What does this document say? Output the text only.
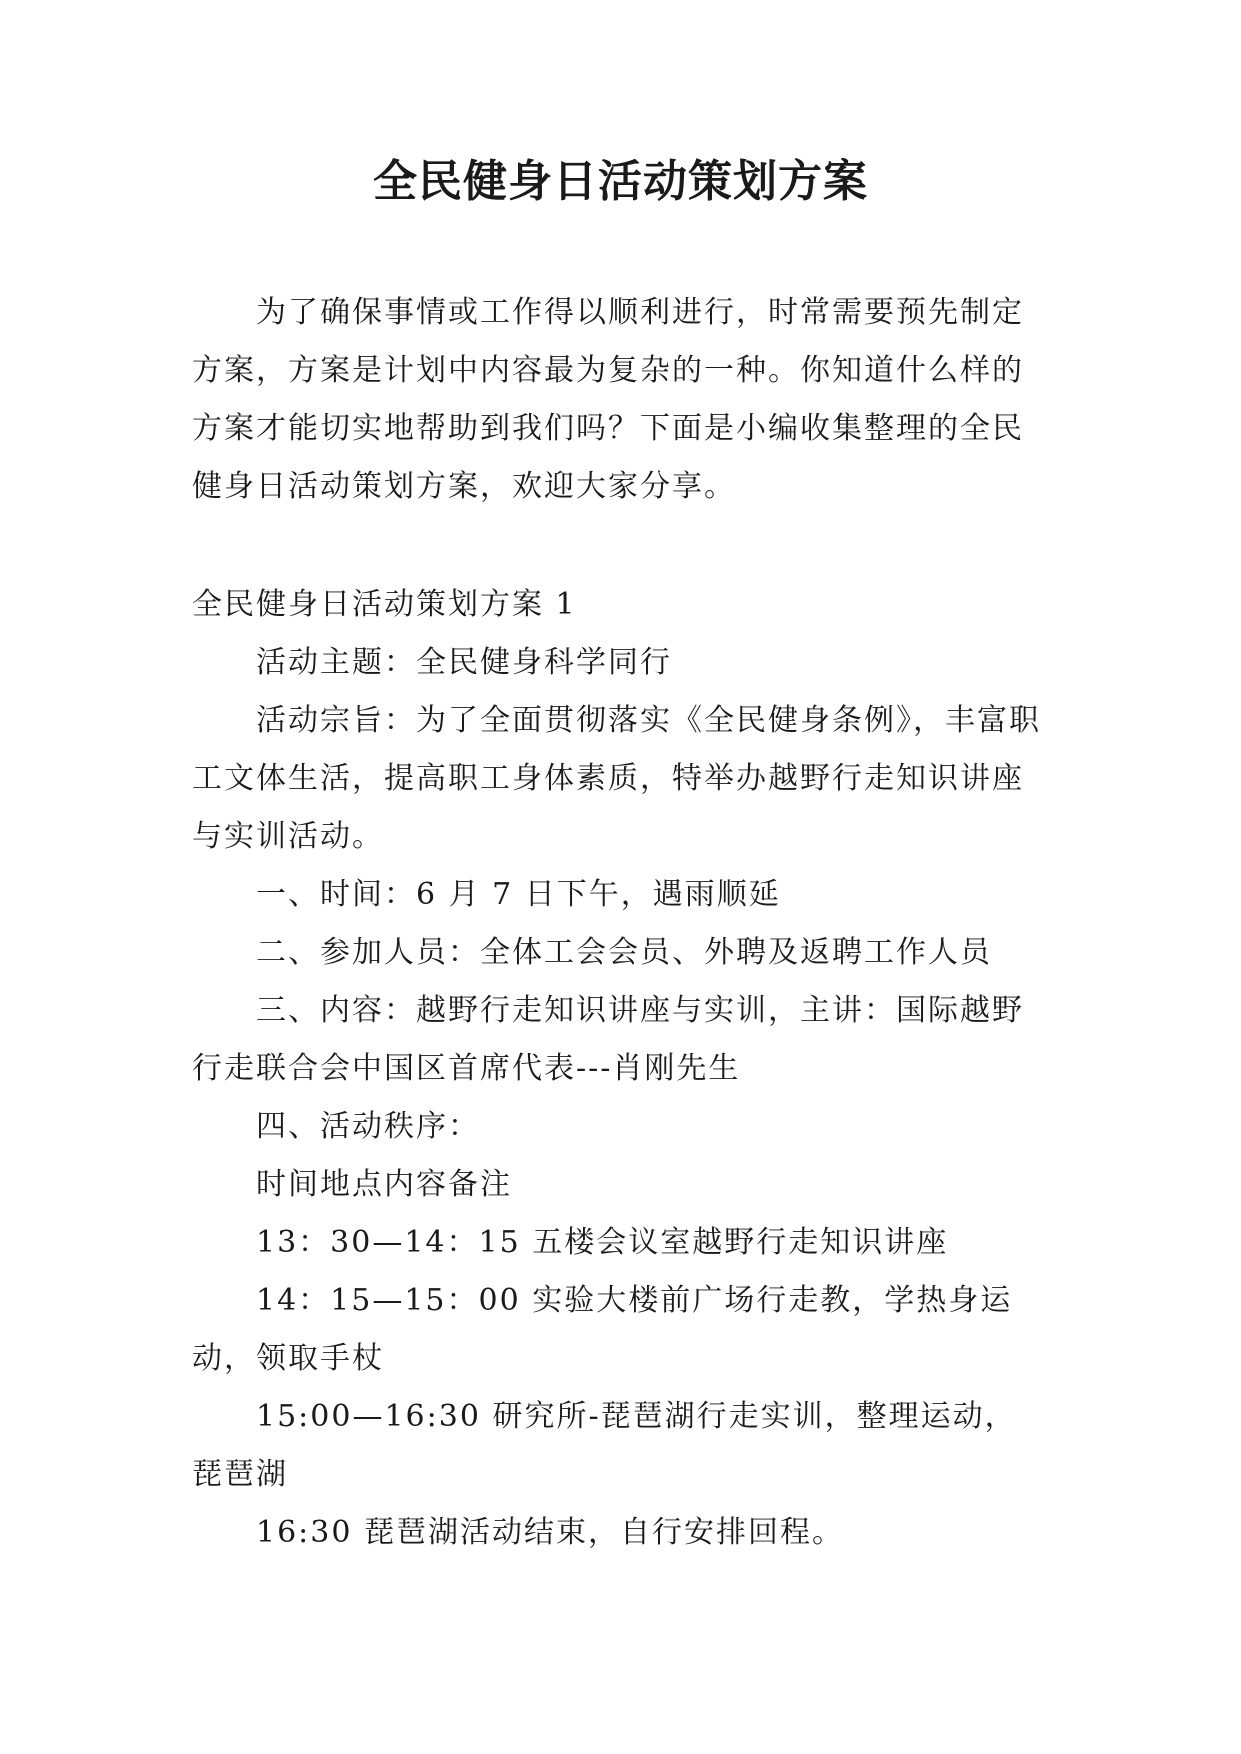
全民健身日活动策划方案

为了确保事情或工作得以顺利进行，时常需要预先制定方案，方案是计划中内容最为复杂的一种。你知道什么样的方案才能切实地帮助到我们吗？下面是小编收集整理的全民健身日活动策划方案，欢迎大家分享。

全民健身日活动策划方案 1

活动主题：全民健身科学同行

活动宗旨：为了全面贯彻落实《全民健身条例》，丰富职工文体生活，提高职工身体素质，特举办越野行走知识讲座与实训活动。

一、时间：6 月 7 日下午，遇雨顺延

二、参加人员：全体工会会员、外聘及返聘工作人员

三、内容：越野行走知识讲座与实训，主讲：国际越野行走联合会中国区首席代表---肖刚先生

四、活动秩序：

时间地点内容备注

13：30—14：15 五楼会议室越野行走知识讲座

14：15—15：00 实验大楼前广场行走教，学热身运动，领取手杖

15:00—16:30 研究所-琵琶湖行走实训，整理运动，琵琶湖

16:30 琵琶湖活动结束，自行安排回程。
